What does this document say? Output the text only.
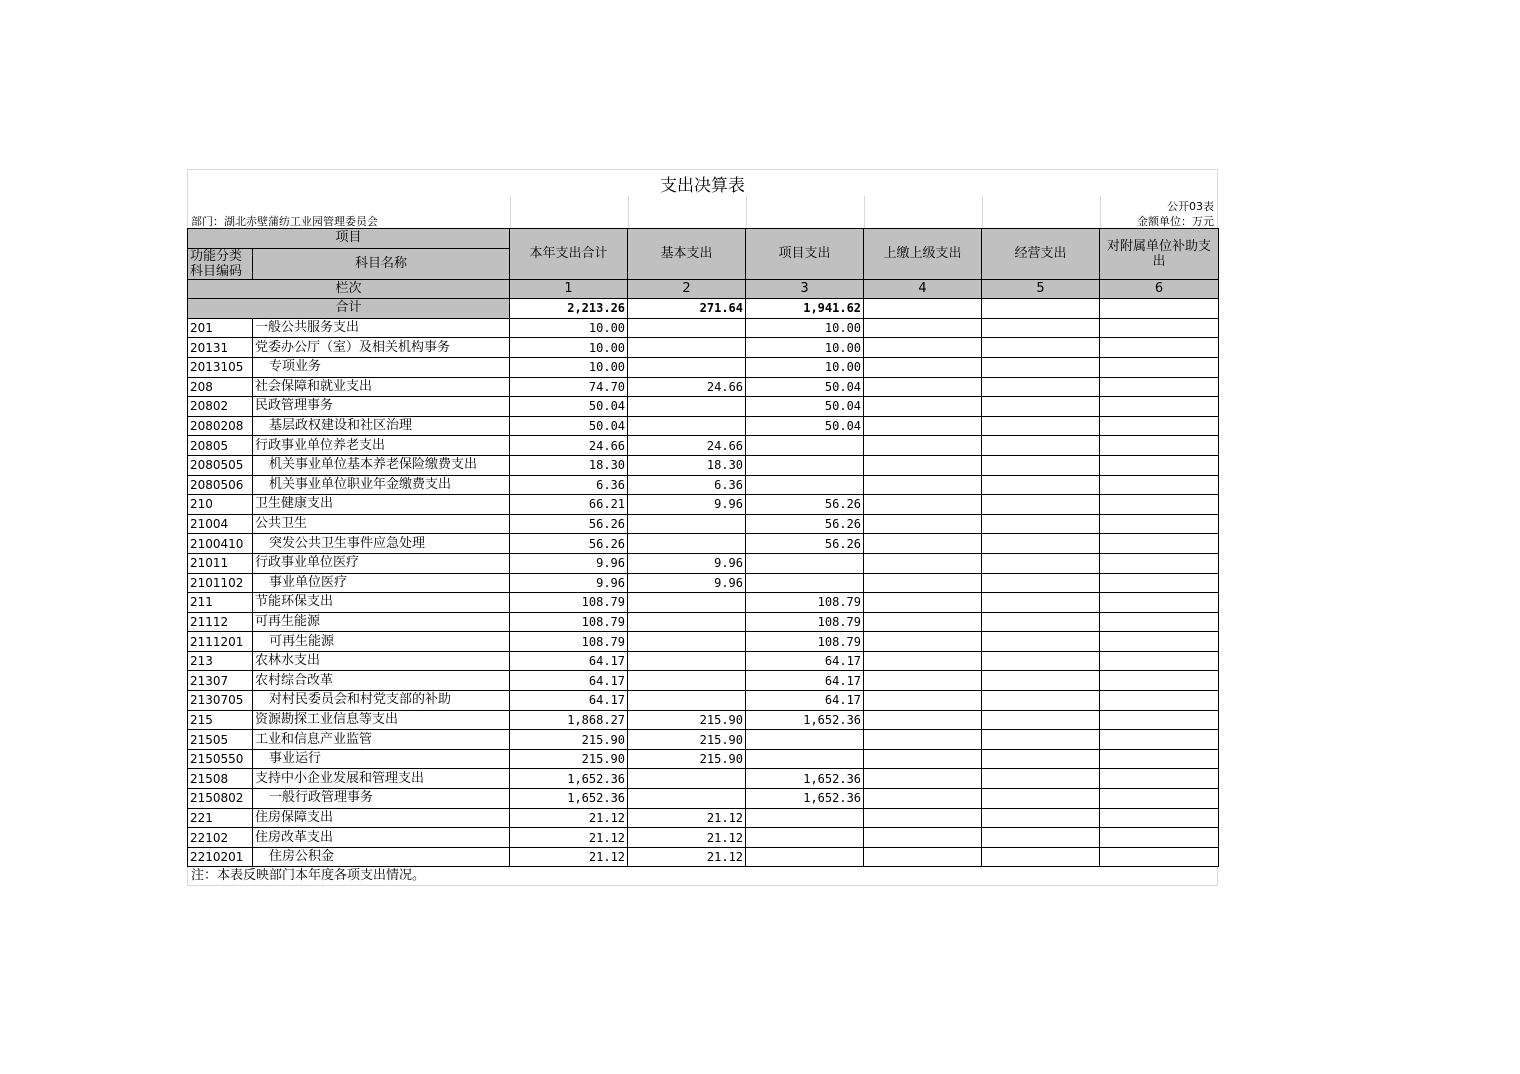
支出决算表
部门：湖北赤壁蒲纺工业园管理委员会
公开03表
金额单位：万元
项目		本年支出合计	基本支出	项目支出	上缴上级支出	经营支出	对附属单位补助支出
功能分类科目编码	科目名称						
栏次		1	2	3	4	5	6
合计		2,213.26	271.64	1,941.62			
201	一般公共服务支出	10.00		10.00			
20131	党委办公厅（室）及相关机构事务	10.00		10.00			
2013105	专项业务	10.00		10.00			
208	社会保障和就业支出	74.70	24.66	50.04			
20802	民政管理事务	50.04		50.04			
2080208	基层政权建设和社区治理	50.04		50.04			
20805	行政事业单位养老支出	24.66	24.66				
2080505	机关事业单位基本养老保险缴费支出	18.30	18.30				
2080506	机关事业单位职业年金缴费支出	6.36	6.36				
210	卫生健康支出	66.21	9.96	56.26			
21004	公共卫生	56.26		56.26			
2100410	突发公共卫生事件应急处理	56.26		56.26			
21011	行政事业单位医疗	9.96	9.96				
2101102	事业单位医疗	9.96	9.96				
211	节能环保支出	108.79		108.79			
21112	可再生能源	108.79		108.79			
2111201	可再生能源	108.79		108.79			
213	农林水支出	64.17		64.17			
21307	农村综合改革	64.17		64.17			
2130705	对村民委员会和村党支部的补助	64.17		64.17			
215	资源勘探工业信息等支出	1,868.27	215.90	1,652.36			
21505	工业和信息产业监管	215.90	215.90				
2150550	事业运行	215.90	215.90				
21508	支持中小企业发展和管理支出	1,652.36		1,652.36			
2150802	一般行政管理事务	1,652.36		1,652.36			
221	住房保障支出	21.12	21.12				
22102	住房改革支出	21.12	21.12				
2210201	住房公积金	21.12	21.12				
注：本表反映部门本年度各项支出情况。
